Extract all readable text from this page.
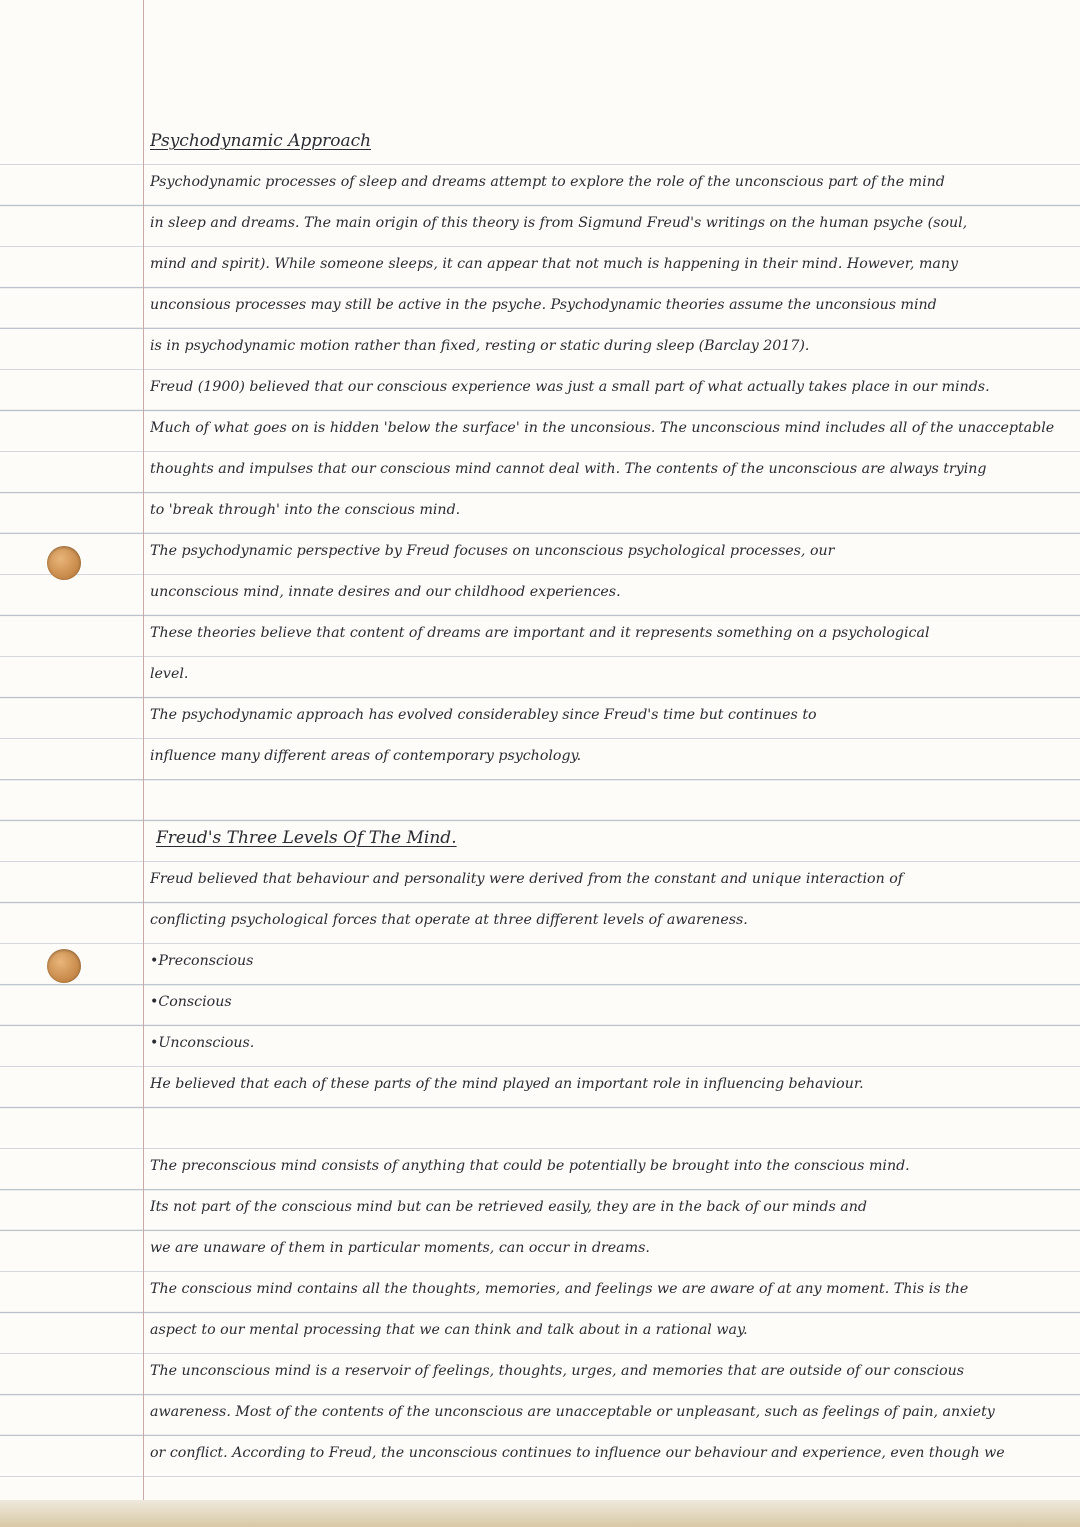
Psychodynamic Approach
Psychodynamic processes of sleep and dreams attempt to explore the role of the unconscious part of the mind
in sleep and dreams. The main origin of this theory is from Sigmund Freud's writings on the human psyche (soul,
mind and spirit). While someone sleeps, it can appear that not much is happening in their mind. However, many
unconsious processes may still be active in the psyche. Psychodynamic theories assume the unconsious mind
is in psychodynamic motion rather than fixed, resting or static during sleep (Barclay 2017).
Freud (1900) believed that our conscious experience was just a small part of what actually takes place in our minds.
Much of what goes on is hidden 'below the surface' in the unconsious. The unconscious mind includes all of the unacceptable
thoughts and impulses that our conscious mind cannot deal with. The contents of the unconscious are always trying
to 'break through' into the conscious mind.
The psychodynamic perspective by Freud focuses on unconscious psychological processes, our
unconscious mind, innate desires and our childhood experiences.
These theories believe that content of dreams are important and it represents something on a psychological
level.
The psychodynamic approach has evolved considerabley since Freud's time but continues to
influence many different areas of contemporary psychology.
Freud's Three Levels Of The Mind.
Freud believed that behaviour and personality were derived from the constant and unique interaction of
conflicting psychological forces that operate at three different levels of awareness.
•Preconscious
•Conscious
•Unconscious.
He believed that each of these parts of the mind played an important role in influencing behaviour.
The preconscious mind consists of anything that could be potentially be brought into the conscious mind.
Its not part of the conscious mind but can be retrieved easily, they are in the back of our minds and
we are unaware of them in particular moments, can occur in dreams.
The conscious mind contains all the thoughts, memories, and feelings we are aware of at any moment. This is the
aspect to our mental processing that we can think and talk about in a rational way.
The unconscious mind is a reservoir of feelings, thoughts, urges, and memories that are outside of our conscious
awareness. Most of the contents of the unconscious are unacceptable or unpleasant, such as feelings of pain, anxiety
or conflict. According to Freud, the unconscious continues to influence our behaviour and experience, even though we
